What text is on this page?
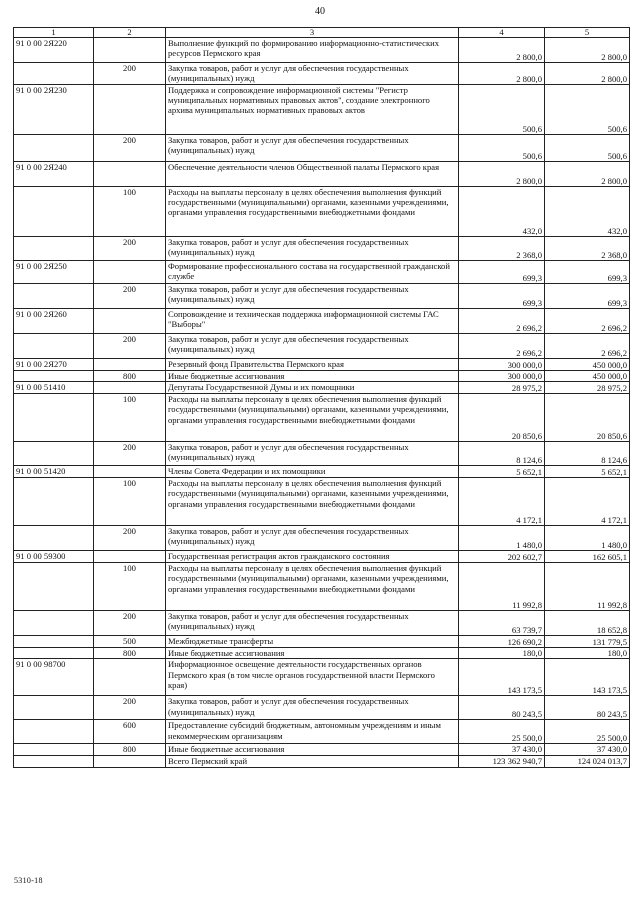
40
1	2	3	4	5
91 0 00 2Я220		Выполнение функций по формированию информационно-статистических ресурсов Пермского края	2 800,0	2 800,0
	200	Закупка товаров, работ и услуг для обеспечения государственных (муниципальных) нужд	2 800,0	2 800,0
91 0 00 2Я230		Поддержка и сопровождение информационной системы "Регистр муниципальных нормативных правовых актов", создание электронного архива муниципальных нормативных правовых актов	500,6	500,6
	200	Закупка товаров, работ и услуг для обеспечения государственных (муниципальных) нужд	500,6	500,6
91 0 00 2Я240		Обеспечение деятельности членов Общественной палаты Пермского края	2 800,0	2 800,0
	100	Расходы на выплаты персоналу в целях обеспечения выполнения функций государственными (муниципальными) органами, казенными учреждениями, органами управления государственными внебюджетными фондами	432,0	432,0
	200	Закупка товаров, работ и услуг для обеспечения государственных (муниципальных) нужд	2 368,0	2 368,0
91 0 00 2Я250		Формирование профессионального состава на государственной гражданской службе	699,3	699,3
	200	Закупка товаров, работ и услуг для обеспечения государственных (муниципальных) нужд	699,3	699,3
91 0 00 2Я260		Сопровождение и техническая поддержка информационной системы ГАС "Выборы"	2 696,2	2 696,2
	200	Закупка товаров, работ и услуг для обеспечения государственных (муниципальных) нужд	2 696,2	2 696,2
91 0 00 2Я270		Резервный фонд Правительства Пермского края	300 000,0	450 000,0
	800	Иные бюджетные ассигнования	300 000,0	450 000,0
91 0 00 51410		Депутаты Государственной Думы и их помощники	28 975,2	28 975,2
	100	Расходы на выплаты персоналу в целях обеспечения выполнения функций государственными (муниципальными) органами, казенными учреждениями, органами управления государственными внебюджетными фондами	20 850,6	20 850,6
	200	Закупка товаров, работ и услуг для обеспечения государственных (муниципальных) нужд	8 124,6	8 124,6
91 0 00 51420		Члены Совета Федерации и их помощники	5 652,1	5 652,1
	100	Расходы на выплаты персоналу в целях обеспечения выполнения функций государственными (муниципальными) органами, казенными учреждениями, органами управления государственными внебюджетными фондами	4 172,1	4 172,1
	200	Закупка товаров, работ и услуг для обеспечения государственных (муниципальных) нужд	1 480,0	1 480,0
91 0 00 59300		Государственная регистрация актов гражданского состояния	202 602,7	162 605,1
	100	Расходы на выплаты персоналу в целях обеспечения выполнения функций государственными (муниципальными) органами, казенными учреждениями, органами управления государственными внебюджетными фондами	11 992,8	11 992,8
	200	Закупка товаров, работ и услуг для обеспечения государственных (муниципальных) нужд	63 739,7	18 652,8
	500	Межбюджетные трансферты	126 690,2	131 779,5
	800	Иные бюджетные ассигнования	180,0	180,0
91 0 00 98700		Информационное освещение деятельности государственных органов Пермского края (в том числе органов государственной власти Пермского края)	143 173,5	143 173,5
	200	Закупка товаров, работ и услуг для обеспечения государственных (муниципальных) нужд	80 243,5	80 243,5
	600	Предоставление субсидий бюджетным, автономным учреждениям и иным некоммерческим организациям	25 500,0	25 500,0
	800	Иные бюджетные ассигнования	37 430,0	37 430,0
		Всего Пермский край	123 362 940,7	124 024 013,7
5310-18
